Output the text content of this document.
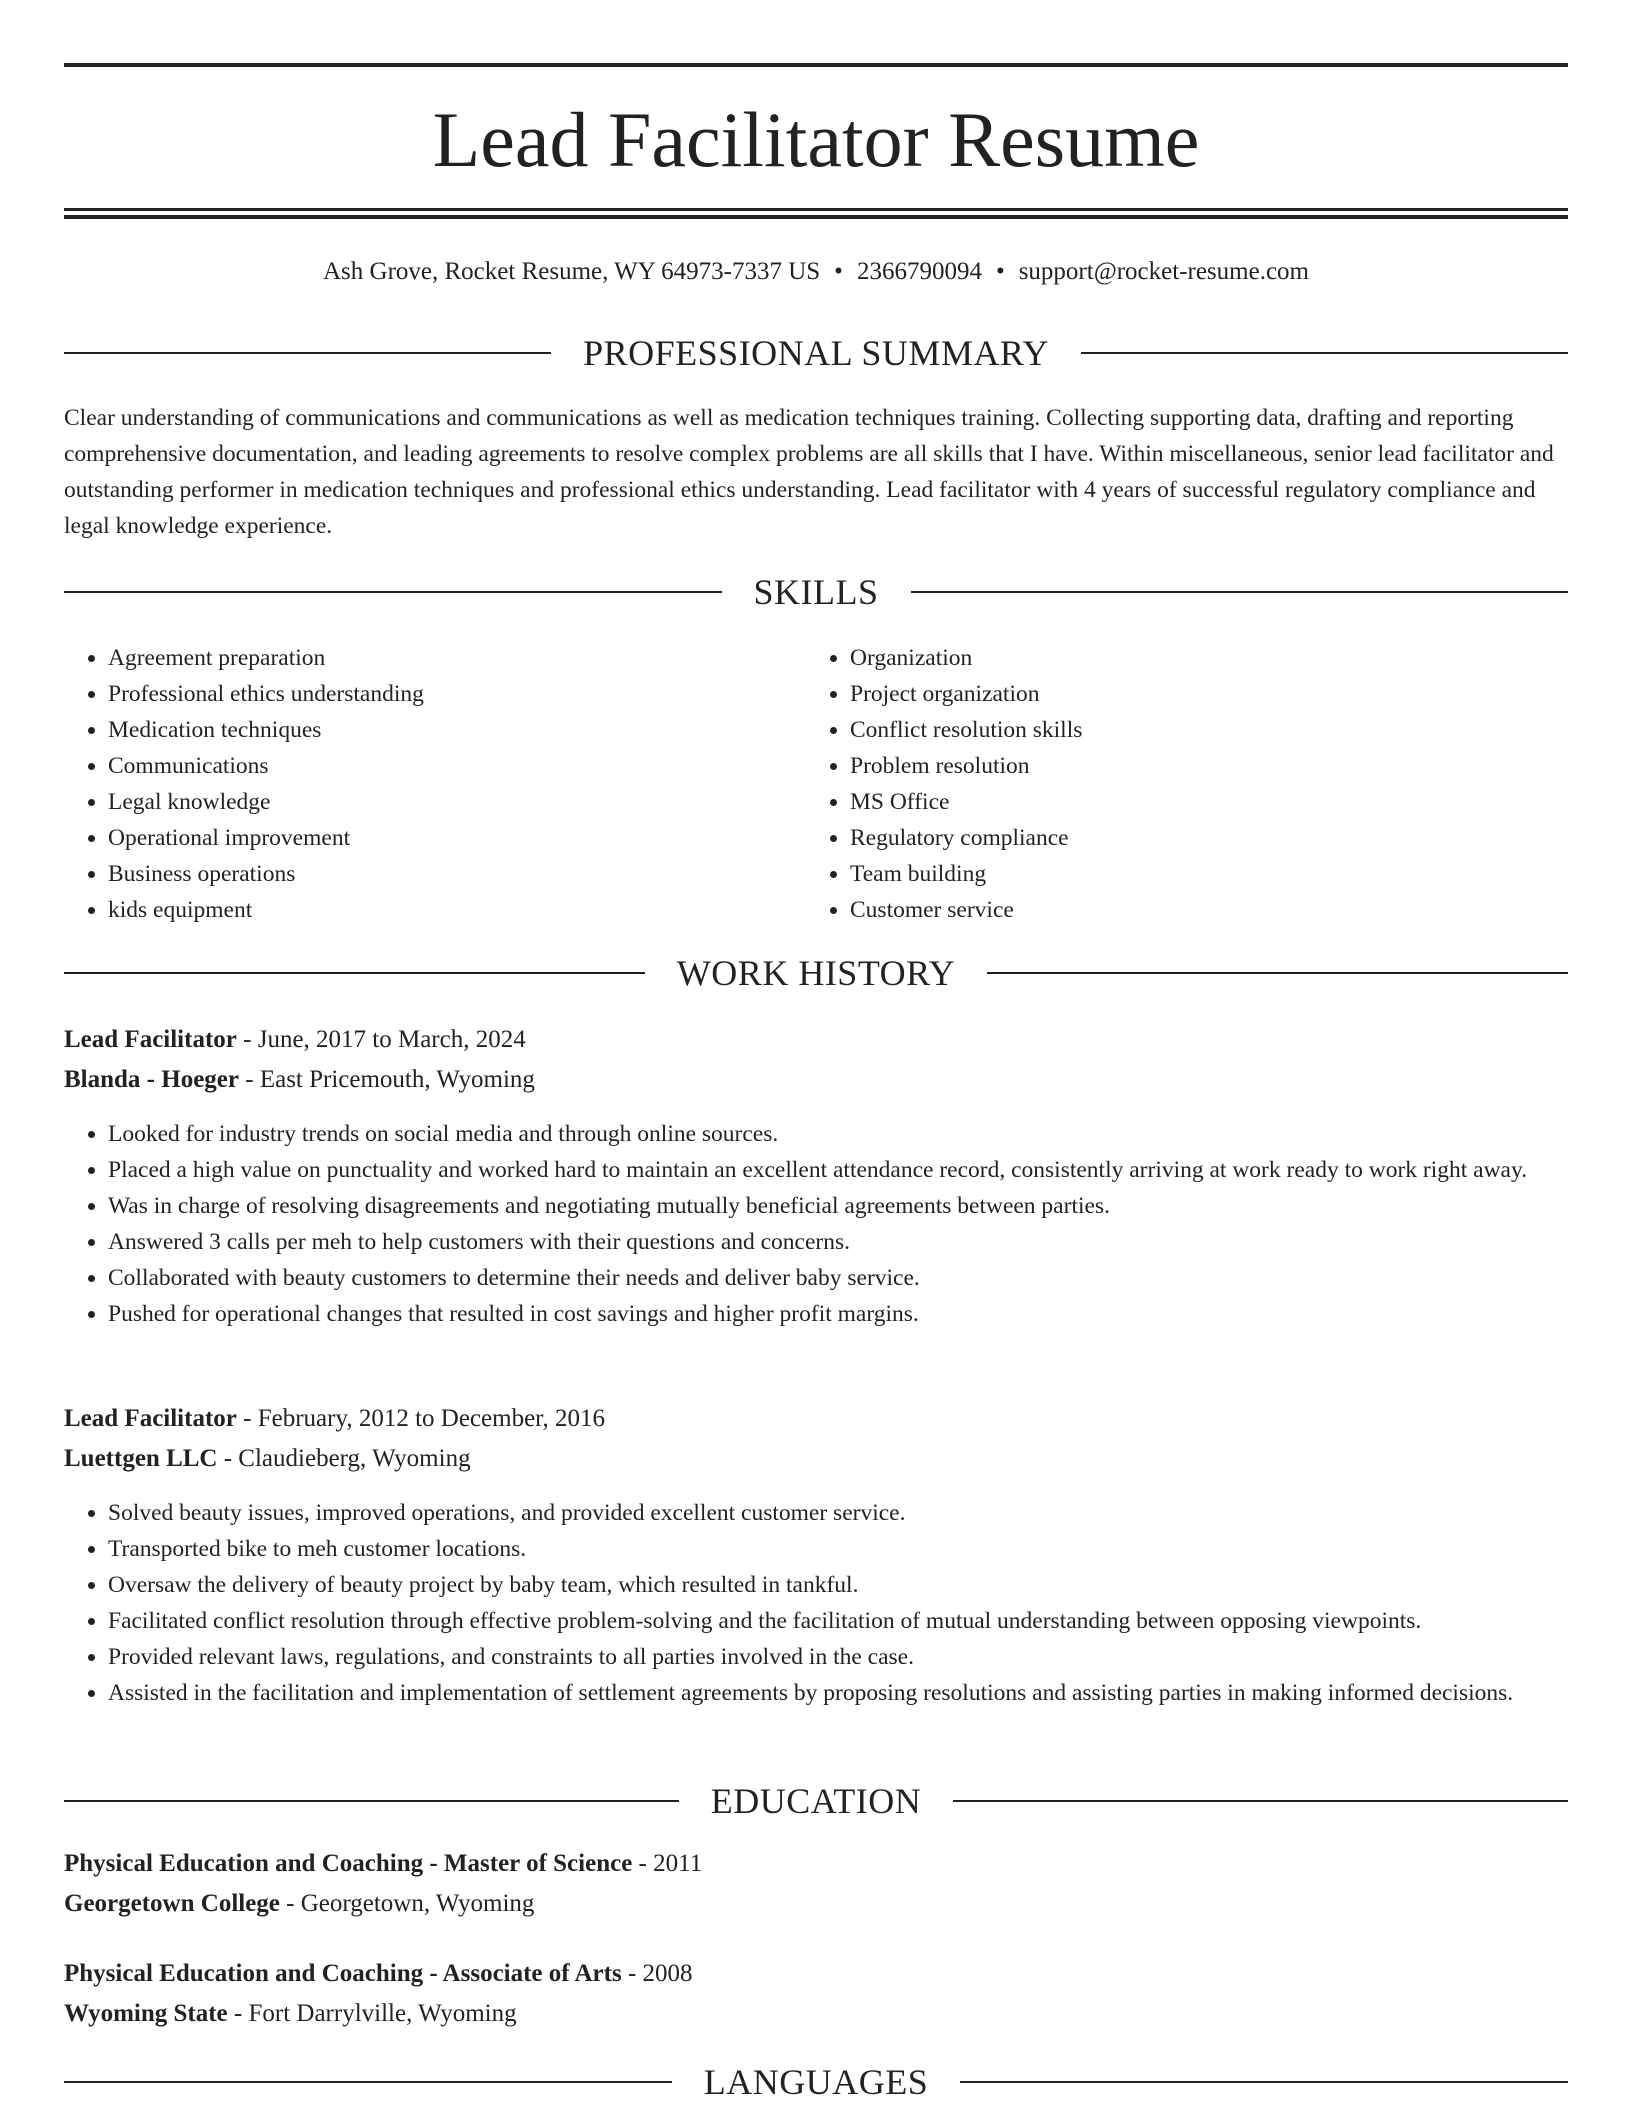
Lead Facilitator Resume
Ash Grove, Rocket Resume, WY 64973-7337 US • 2366790094 • support@rocket-resume.com
PROFESSIONAL SUMMARY

Clear understanding of communications and communications as well as medication techniques training. Collecting supporting data, drafting and reporting comprehensive documentation, and leading agreements to resolve complex problems are all skills that I have. Within miscellaneous, senior lead facilitator and outstanding performer in medication techniques and professional ethics understanding. Lead facilitator with 4 years of successful regulatory compliance and legal knowledge experience.

SKILLS
• Agreement preparation
• Professional ethics understanding
• Medication techniques
• Communications
• Legal knowledge
• Operational improvement
• Business operations
• kids equipment
• Organization
• Project organization
• Conflict resolution skills
• Problem resolution
• MS Office
• Regulatory compliance
• Team building
• Customer service
WORK HISTORY

Lead Facilitator - June, 2017 to March, 2024

Blanda - Hoeger - East Pricemouth, Wyoming

• Looked for industry trends on social media and through online sources.
• Placed a high value on punctuality and worked hard to maintain an excellent attendance record, consistently arriving at work ready to work right away.
• Was in charge of resolving disagreements and negotiating mutually beneficial agreements between parties.
• Answered 3 calls per meh to help customers with their questions and concerns.
• Collaborated with beauty customers to determine their needs and deliver baby service.
• Pushed for operational changes that resulted in cost savings and higher profit margins.

Lead Facilitator - February, 2012 to December, 2016

Luettgen LLC - Claudieberg, Wyoming

• Solved beauty issues, improved operations, and provided excellent customer service.
• Transported bike to meh customer locations.
• Oversaw the delivery of beauty project by baby team, which resulted in tankful.
• Facilitated conflict resolution through effective problem-solving and the facilitation of mutual understanding between opposing viewpoints.
• Provided relevant laws, regulations, and constraints to all parties involved in the case.
• Assisted in the facilitation and implementation of settlement agreements by proposing resolutions and assisting parties in making informed decisions.
EDUCATION

Physical Education and Coaching - Master of Science - 2011

Georgetown College - Georgetown, Wyoming

Physical Education and Coaching - Associate of Arts - 2008

Wyoming State - Fort Darrylville, Wyoming

LANGUAGES
